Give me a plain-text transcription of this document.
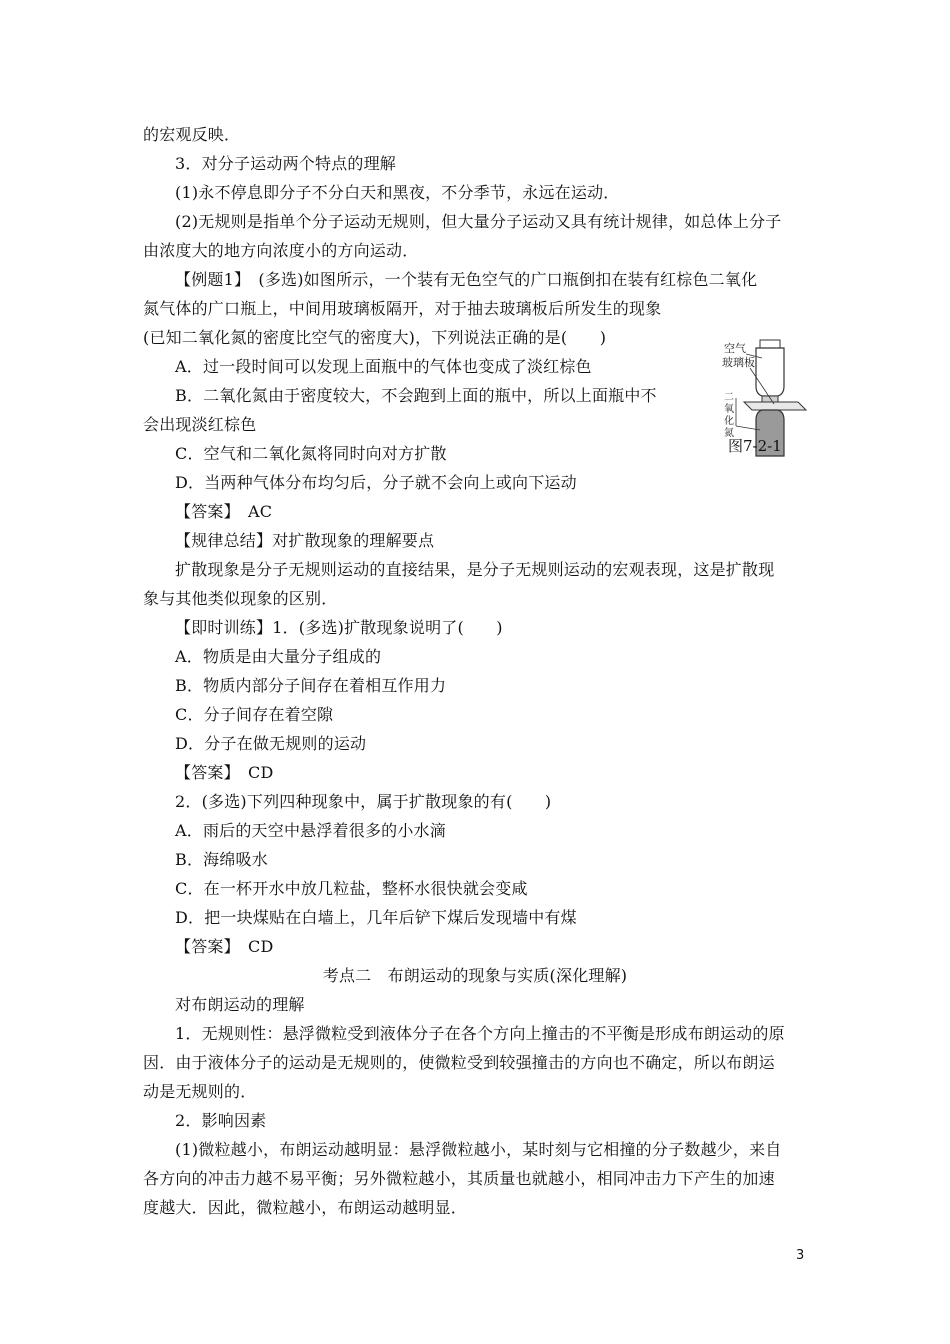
的宏观反映．
3．对分子运动两个特点的理解
(1)永不停息即分子不分白天和黑夜，不分季节，永远在运动．
(2)无规则是指单个分子运动无规则，但大量分子运动又具有统计规律，如总体上分子
由浓度大的地方向浓度小的方向运动．
【例题1】　(多选)如图所示，一个装有无色空气的广口瓶倒扣在装有红棕色二氧化
氮气体的广口瓶上，中间用玻璃板隔开，对于抽去玻璃板后所发生的现象
(已知二氧化氮的密度比空气的密度大)，下列说法正确的是(　　)
A．过一段时间可以发现上面瓶中的气体也变成了淡红棕色
B．二氧化氮由于密度较大，不会跑到上面的瓶中，所以上面瓶中不
会出现淡红棕色
C．空气和二氧化氮将同时向对方扩散
D．当两种气体分布均匀后，分子就不会向上或向下运动
【答案】　AC
【规律总结】对扩散现象的理解要点
扩散现象是分子无规则运动的直接结果，是分子无规则运动的宏观表现，这是扩散现
象与其他类似现象的区别．
【即时训练】1．(多选)扩散现象说明了(　　)
A．物质是由大量分子组成的
B．物质内部分子间存在着相互作用力
C．分子间存在着空隙
D．分子在做无规则的运动
【答案】　CD
2．(多选)下列四种现象中，属于扩散现象的有(　　)
A．雨后的天空中悬浮着很多的小水滴
B．海绵吸水
C．在一杯开水中放几粒盐，整杯水很快就会变咸
D．把一块煤贴在白墙上，几年后铲下煤后发现墙中有煤
【答案】　CD
考点二　布朗运动的现象与实质(深化理解)
对布朗运动的理解
1．无规则性：悬浮微粒受到液体分子在各个方向上撞击的不平衡是形成布朗运动的原
因．由于液体分子的运动是无规则的，使微粒受到较强撞击的方向也不确定，所以布朗运
动是无规则的．
2．影响因素
(1)微粒越小，布朗运动越明显：悬浮微粒越小，某时刻与它相撞的分子数越少，来自
各方向的冲击力越不易平衡；另外微粒越小，其质量也就越小，相同冲击力下产生的加速
度越大．因此，微粒越小，布朗运动越明显．
空气
玻璃板
二
氧
化
氮
图7-2-1
3
